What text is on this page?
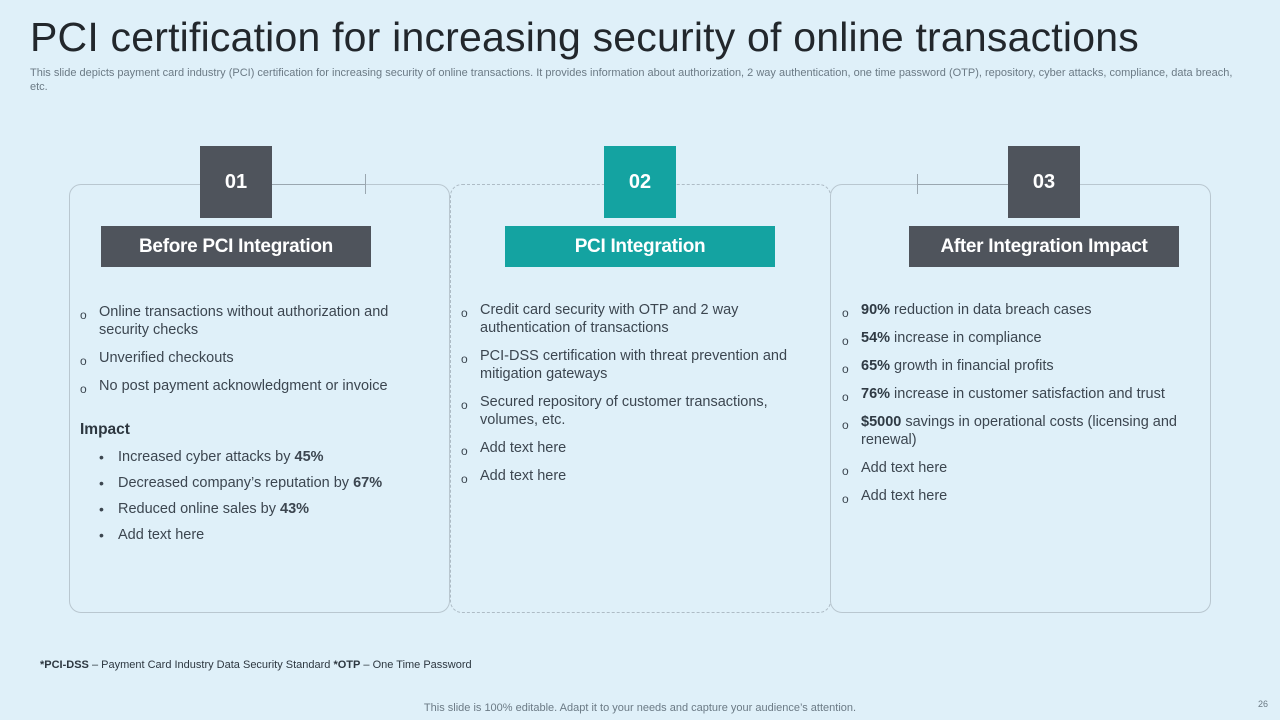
PCI certification for increasing security of online transactions
This slide depicts payment card industry (PCI) certification for increasing security of online transactions. It provides information about authorization, 2 way authentication, one time password (OTP), repository, cyber attacks, compliance, data breach, etc.
01	02	03
Before PCI Integration	PCI Integration	After Integration Impact
o Online transactions without authorization and security checks
o Unverified checkouts
o No post payment acknowledgment or invoice
Impact
• Increased cyber attacks by 45%
• Decreased company’s reputation by 67%
• Reduced online sales by 43%
• Add text here
o Credit card security with OTP and 2 way authentication of transactions
o PCI-DSS certification with threat prevention and mitigation gateways
o Secured repository of customer transactions, volumes, etc.
o Add text here
o Add text here
o 90% reduction in data breach cases
o 54% increase in compliance
o 65% growth in financial profits
o 76% increase in customer satisfaction and trust
o $5000 savings in operational costs (licensing and renewal)
o Add text here
o Add text here
*PCI-DSS – Payment Card Industry Data Security Standard *OTP – One Time Password
This slide is 100% editable. Adapt it to your needs and capture your audience’s attention.	26
